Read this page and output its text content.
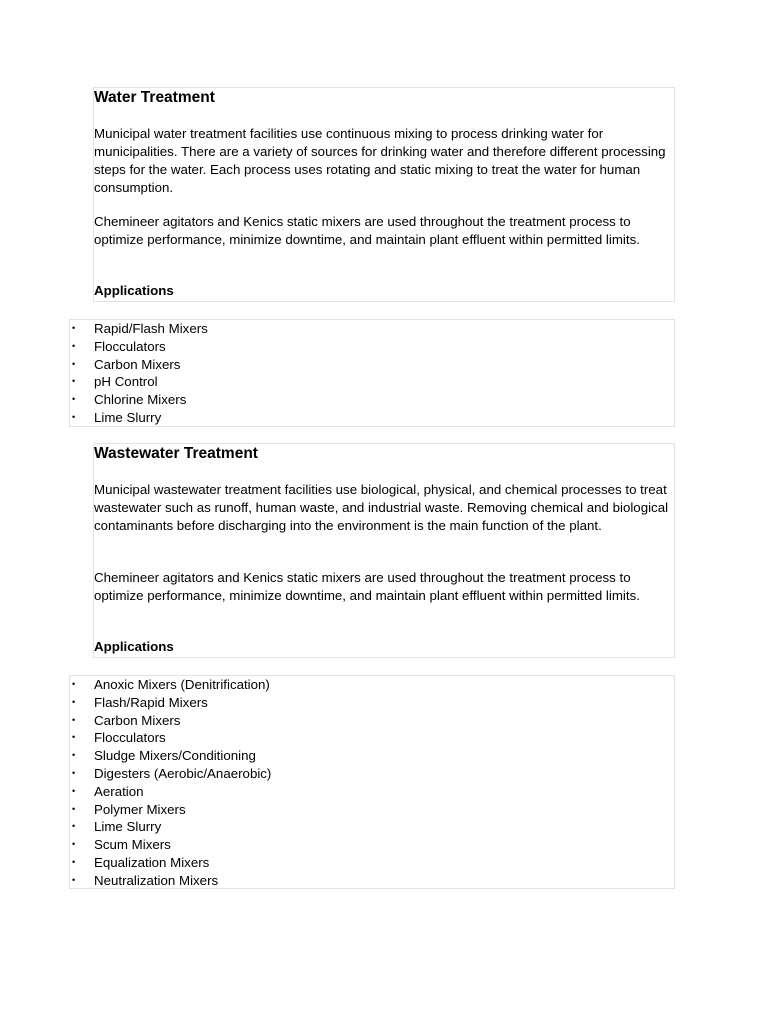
Water Treatment

Municipal water treatment facilities use continuous mixing to process drinking water for municipalities. There are a variety of sources for drinking water and therefore different processing steps for the water. Each process uses rotating and static mixing to treat the water for human consumption.

Chemineer agitators and Kenics static mixers are used throughout the treatment process to optimize performance, minimize downtime, and maintain plant effluent within permitted limits.

Applications
• Rapid/Flash Mixers
• Flocculators
• Carbon Mixers
• pH Control
• Chlorine Mixers
• Lime Slurry
Wastewater Treatment

Municipal wastewater treatment facilities use biological, physical, and chemical processes to treat wastewater such as runoff, human waste, and industrial waste. Removing chemical and biological contaminants before discharging into the environment is the main function of the plant.

Chemineer agitators and Kenics static mixers are used throughout the treatment process to optimize performance, minimize downtime, and maintain plant effluent within permitted limits.

Applications
• Anoxic Mixers (Denitrification)
• Flash/Rapid Mixers
• Carbon Mixers
• Flocculators
• Sludge Mixers/Conditioning
• Digesters (Aerobic/Anaerobic)
• Aeration
• Polymer Mixers
• Lime Slurry
• Scum Mixers
• Equalization Mixers
• Neutralization Mixers
